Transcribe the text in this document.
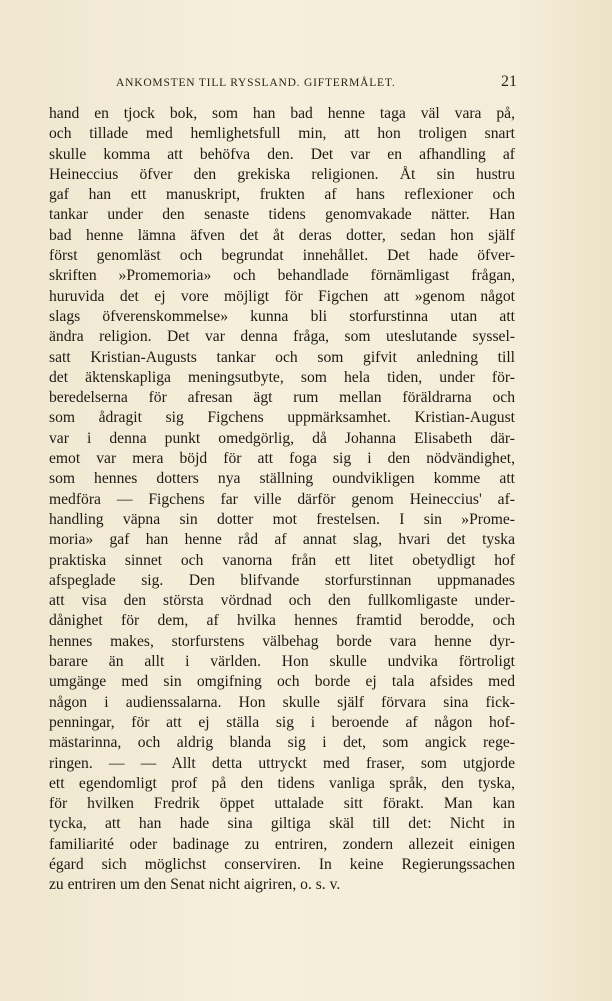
ANKOMSTEN TILL RYSSLAND. GIFTERMÅLET.	21
hand en tjock bok, som han bad henne taga väl vara på,
och tillade med hemlighetsfull min, att hon troligen snart
skulle komma att behöfva den. Det var en afhandling af
Heineccius öfver den grekiska religionen. Åt sin hustru
gaf han ett manuskript, frukten af hans reflexioner och
tankar under den senaste tidens genomvakade nätter. Han
bad henne lämna äfven det åt deras dotter, sedan hon själf
först genomläst och begrundat innehållet. Det hade öfver-
skriften »Promemoria» och behandlade förnämligast frågan,
huruvida det ej vore möjligt för Figchen att »genom något
slags öfverenskommelse» kunna bli storfurstinna utan att
ändra religion. Det var denna fråga, som uteslutande syssel-
satt Kristian-Augusts tankar och som gifvit anledning till
det äktenskapliga meningsutbyte, som hela tiden, under för-
beredelserna för afresan ägt rum mellan föräldrarna och
som ådragit sig Figchens uppmärksamhet. Kristian-August
var i denna punkt omedgörlig, då Johanna Elisabeth där-
emot var mera böjd för att foga sig i den nödvändighet,
som hennes dotters nya ställning oundvikligen komme att
medföra — Figchens far ville därför genom Heineccius' af-
handling väpna sin dotter mot frestelsen. I sin »Prome-
moria» gaf han henne råd af annat slag, hvari det tyska
praktiska sinnet och vanorna från ett litet obetydligt hof
afspeglade sig. Den blifvande storfurstinnan uppmanades
att visa den största vördnad och den fullkomligaste under-
dånighet för dem, af hvilka hennes framtid berodde, och
hennes makes, storfurstens välbehag borde vara henne dyr-
barare än allt i världen. Hon skulle undvika förtroligt
umgänge med sin omgifning och borde ej tala afsides med
någon i audienssalarna. Hon skulle själf förvara sina fick-
penningar, för att ej ställa sig i beroende af någon hof-
mästarinna, och aldrig blanda sig i det, som angick rege-
ringen. — — Allt detta uttryckt med fraser, som utgjorde
ett egendomligt prof på den tidens vanliga språk, den tyska,
för hvilken Fredrik öppet uttalade sitt förakt. Man kan
tycka, att han hade sina giltiga skäl till det: Nicht in
familiarité oder badinage zu entriren, zondern allezeit einigen
égard sich möglichst conserviren. In keine Regierungssachen
zu entriren um den Senat nicht aigriren, o. s. v.
